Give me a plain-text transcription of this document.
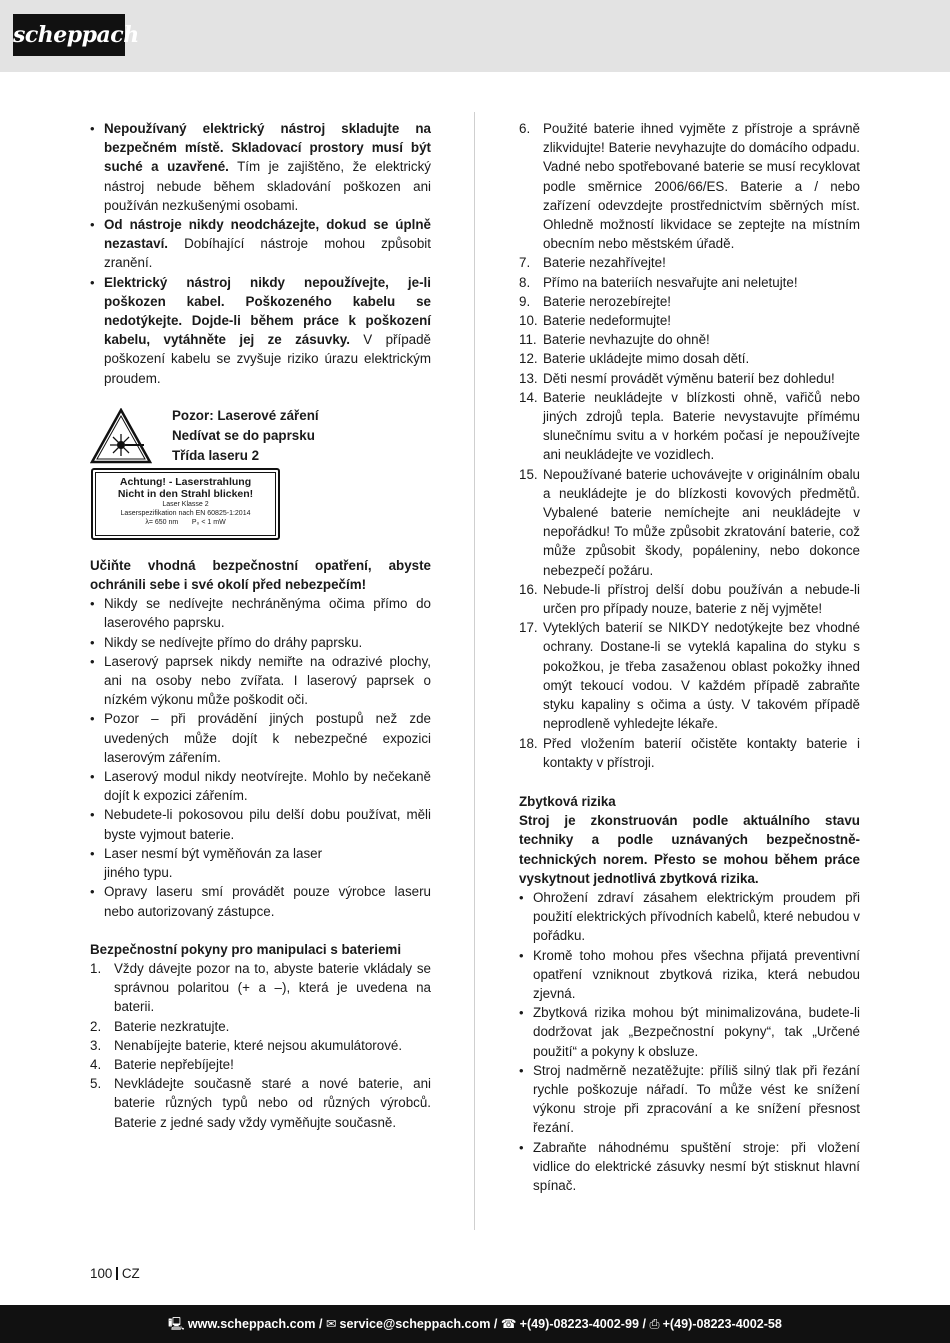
scheppach
• Nepoužívaný elektrický nástroj skladujte na bezpečném místě. Skladovací prostory musí být suché a uzavřené. Tím je zajištěno, že elektrický nástroj nebude během skladování poškozen ani používán nezkušenými osobami.

• Od nástroje nikdy neodcházejte, dokud se úplně nezastaví. Dobíhající nástroje mohou způsobit zranění.

• Elektrický nástroj nikdy nepoužívejte, je-li poškozen kabel. Poškozeného kabelu se nedotýkejte. Dojde-li během práce k poškození kabelu, vytáhněte jej ze zásuvky. V případě poškození kabelu se zvyšuje riziko úrazu elektrickým proudem.

Pozor: Laserové záření
Nedívat se do paprsku
Třída laseru 2
Achtung! - Laserstrahlung
Nicht in den Strahl blicken!
Laser Klasse 2
Laserspezifikation nach EN 60825-1:2014
λ= 650 nm P₀ < 1 mW

Učiňte vhodná bezpečnostní opatření, abyste ochránili sebe i své okolí před nebezpečím!

• Nikdy se nedívejte nechráněnýma očima přímo do laserového paprsku.

• Nikdy se nedívejte přímo do dráhy paprsku.

• Laserový paprsek nikdy nemiřte na odrazivé plochy, ani na osoby nebo zvířata. I laserový paprsek o nízkém výkonu může poškodit oči.

• Pozor – při provádění jiných postupů než zde uvedených může dojít k nebezpečné expozici laserovým zářením.

• Laserový modul nikdy neotvírejte. Mohlo by nečekaně dojít k expozici zářením.

• Nebudete-li pokosovou pilu delší dobu používat, měli byste vyjmout baterie.

• Laser nesmí být vyměňován za laser jiného typu.

• Opravy laseru smí provádět pouze výrobce laseru nebo autorizovaný zástupce.

Bezpečnostní pokyny pro manipulaci s bateriemi

1. Vždy dávejte pozor na to, abyste baterie vkládaly se správnou polaritou (+ a –), která je uvedena na baterii.

2. Baterie nezkratujte.

3. Nenabíjejte baterie, které nejsou akumulátorové.

4. Baterie nepřebíjejte!

5. Nevkládejte současně staré a nové baterie, ani baterie různých typů nebo od různých výrobců. Baterie z jedné sady vždy vyměňujte současně.

6. Použité baterie ihned vyjměte z přístroje a správně zlikvidujte! Baterie nevyhazujte do domácího odpadu. Vadné nebo spotřebované baterie se musí recyklovat podle směrnice 2006/66/ES. Baterie a / nebo zařízení odevzdejte prostřednictvím sběrných míst. Ohledně možností likvidace se zeptejte na místním obecním nebo městském úřadě.

7. Baterie nezahřívejte!

8. Přímo na bateriích nesvařujte ani neletujte!

9. Baterie nerozebírejte!

10. Baterie nedeformujte!

11. Baterie nevhazujte do ohně!

12. Baterie ukládejte mimo dosah dětí.

13. Děti nesmí provádět výměnu baterií bez dohledu!

14. Baterie neukládejte v blízkosti ohně, vařičů nebo jiných zdrojů tepla. Baterie nevystavujte přímému slunečnímu svitu a v horkém počasí je nepoužívejte ani neukládejte ve vozidlech.

15. Nepoužívané baterie uchovávejte v originálním obalu a neukládejte je do blízkosti kovových předmětů. Vybalené baterie nemíchejte ani neukládejte v nepořádku! To může způsobit zkratování baterie, což může způsobit škody, popáleniny, nebo dokonce nebezpečí požáru.

16. Nebude-li přístroj delší dobu používán a nebude-li určen pro případy nouze, baterie z něj vyjměte!

17. Vyteklých baterií se NIKDY nedotýkejte bez vhodné ochrany. Dostane-li se vyteklá kapalina do styku s pokožkou, je třeba zasaženou oblast pokožky ihned omýt tekoucí vodou. V každém případě zabraňte styku kapaliny s očima a ústy. V takovém případě neprodleně vyhledejte lékaře.

18. Před vložením baterií očistěte kontakty baterie i kontakty v přístroji.

Zbytková rizika

Stroj je zkonstruován podle aktuálního stavu techniky a podle uznávaných bezpečnostně-technických norem. Přesto se mohou během práce vyskytnout jednotlivá zbytková rizika.

• Ohrožení zdraví zásahem elektrickým proudem při použití elektrických přívodních kabelů, které nebudou v pořádku.

• Kromě toho mohou přes všechna přijatá preventivní opatření vzniknout zbytková rizika, která nebudou zjevná.

• Zbytková rizika mohou být minimalizována, budete-li dodržovat jak „Bezpečnostní pokyny“, tak „Určené použití“ a pokyny k obsluze.

• Stroj nadměrně nezatěžujte: příliš silný tlak při řezání rychle poškozuje nářadí. To může vést ke snížení výkonu stroje při zpracování a ke snížení přesnost řezání.

• Zabraňte náhodnému spuštění stroje: při vložení vidlice do elektrické zásuvky nesmí být stisknut hlavní spínač.

100 CZ
🖳 www.scheppach.com / ✉ service@scheppach.com / ☎ +(49)-08223-4002-99 / ⎙ +(49)-08223-4002-58
